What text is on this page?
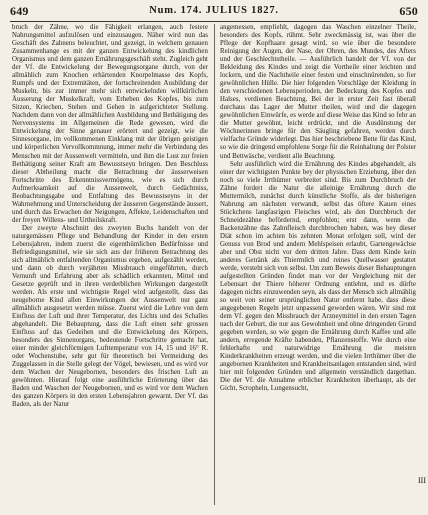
649	Num. 174. JULIUS 1827.	650

bruch der Zähne, wo die Fähigkeit erlangen, auch festere Nahrungsmittel aufzulösen und einzusaugen. Näher wird nun das Geschäft des Zahnens beleuchtet, und gezeigt, in welchem genauen Zusammenhange es mit der ganzen Entwickelung des kindlichen Organismus und dem ganzen Ernährungsgeschäft steht. Zugleich geht der Vf. die Entwickelung der Bewegungsorgane durch, von der allmählich zum Knochen erhärtenden Knorpelmasse des Kopfs, Rumpfs und der Extremitäten, der fortschreitenden Ausbildung der Muskeln, bis zur immer mehr sich entwickelnden willkürlichen Äusserung der Muskelkraft, vom Erheben des Kopfes, bis zum Sitzen, Kriechen, Stehen und Gehen in aufgerichteter Stellung. Nachdem dann von der allmählichen Ausbildung und Bethätigung des Nervensystems im Allgemeinen die Rede gewesen, wird die Entwickelung der Sinne genauer erörtert und gezeigt, wie die Sinnesorgane, im vollkommenen Einklang mit der übrigen geistigen und körperlichen Vervollkommnung, immer mehr die Verbindung des Menschen mit der Aussenwelt vermitteln, und ihm die Lust zur freien Bethätigung seiner Kraft am Bewusstseyn bringen. Den Beschluss dieser Abtheilung macht die Betrachtung der äusserweisen Fortschritte des Erkenntnissvermögens, wie es sich durch Aufmerksamkeit auf die Aussenwelt, durch Gedächtniss, Beobachtungsgabe und Entfaltung des Bewusstseyns in der Wahrnehmung und Unterscheidung der äusseren Gegenstände äussert, und durch das Erwachen der Neigungen, Affekte, Leidenschaften und der freyen Willens- und Urtheilskraft.

Der zweyte Abschnitt des zweyten Buchs handelt von der naturgemässen Pflege und Behandlung der Kinder in den ersten Lebensjahren, indem zuerst die eigenthümlichen Bedürfnisse und Befriedigungsmittel, wie sie sich aus der früheren Betrachtung des sich allmählich entfaltenden Organismus ergeben, aufgezählt werden, und dann ob durch verjährten Missbrauch eingeführten, durch Vernunft und Erfahrung aber als schädlich erkannten, Mittel und Gesetze geprüft und in ihren verderblichen Wirkungen dargestellt werden. Als erste und wichtigste Regel wird aufgestellt, dass das neugeborne Kind allen Einwirkungen der Aussenwelt nur ganz allmählich ausgesetzt werden müsse. Zuerst wird die Lehre von dem Einfluss der Luft und ihrer Temperatur, des Lichts und des Schalles abgehandelt. Die Bebauptung, dass die Luft einen sehr grossen Einfluss auf das Gedeihen und die Entwickelung des Körpers, besonders des Sinnenorgans, bedeutende Fortschritte gemacht hat, einer minder gleichförmigen Lufttemperatur von 14, 15 und 16° R. oder Wochenstube, sehr gut für theoretisch bei Vermeidung des Zuggelassen in die Stelle gelegt der Vögel, bewiesen, und es wird vor dem Wachen der Neugebornen, besonders des frischen Luft an gewöhnten. Hierauf folgt eine ausführliche Erörterung über das Baden und Waschen der Neugebornen, und es wird vor dem Wachen des ganzen Körpers in den ersten Lebensjahren gewarnt. Der Vf. das Baden, als der Natur

angemessen, empfiehlt, dagegen das Waschen einzelner Theile, besonders des Kopfs, rühmt. Sehr zweckmässig ist, was über die Pflege der Kopfhaare gesagt wird, so wie über die besondere Reinigung der Augen, der Nase, der Ohren, des Mundes, des Afters und der Geschlechtstheile. — Ausführlich handelt der Vf. von der Bekleidung des Kindes und zeigt die Vortheile einer leichten und lockern, und die Nachtheile einer festen und einschnürenden, so fier gewöhnlichen Hülle. Die hier folgenden Vorschläge der Kleidung in den verschiedenen Lebensperioden, der Bedeckung des Kopfes und Halses, verdienen Beachtung. Bei der in erster Zeit fast überall durchaus das Lager der Mutter theilen, wird und die dagegen gewöhnlichen Einwürfe, es werde auf diese Weise das Kind so fehr an die Mutter gewöhnt, leicht erdrückt, und die Ausdünstung der Wöchnerinnen bringe für den Säugling gefahren, werden durch vielfache Gründe widerlegt. Das hier beschriebene Bette für das Kind, so wie die dringend empfohlene Sorge für die Reinhaltung der Polster und Bettwäsche, verdient alle Beachtung.

Sehr ausführlich wird die Ernährung des Kindes abgehandelt, als einer der wichtigsten Punkte bey der physischen Erziehung, über den noch so viele Irrthümer verbreitet sind. Bis zum Durchbruch der Zähne fordert die Natur die alleinige Ernährung durch die Muttermilch, zunächst durch künstliche Stoffe, als der bisherigen Nahrung am nächsten verwandt, selbst das öftere Kauen eines Stückchens langfasrigen Fleisches wird, als den Durchbruch der Schneidezähne befördernd, empfohlen; erst dann, wenn die Backenzähne das Zahnfleisch durchbrochen haben, was bey dieser Diät schon im achten bis zehnten Monat erfolgen soll, wird der Genuss von Brod und andern Mehlspeisen erlaubt, Gartengewächse aber und Obst nicht vor dem dritten Jahre. Dass dem Kinde kein anderes Getränk als Thiermilch und reines Quellwasser gestattet werde, versteht sich von selbst. Um zum Beweis dieser Behauptungen aufgestellten Gründen findet man vor der Vergleichung mit der Lebensart der Thiere höherer Ordnung entlehnt, und es dürfte dagegen nichts einzuwenden seyn, als dass der Mensch sich allmählig so weit von seiner ursprünglichen Natur entfernt habe, dass diese angegebenen Regeln jetzt unpassend geworden wären. Wir sind mit dem Vf. gegen den Missbrauch der Arzneymittel in den ersten Tagen nach der Geburt, die nur aus Gewohnheit und ohne dringenden Grund gegeben werden, so wie gegen die Ernährung durch Kaffee und alle andern, erregende Kräfte habenden, Pflanzenstoffe. Wie durch eine fehlerhafte und naturwidrige Ernährung die meisten Kinderkrankheiten erzeugt werden, und die vielen Irrthümer über die angebornen Krankheiten und Krankheitsanlagen entstanden sind, wird hier mit folgenden Gründen und allgemein verständlich dargethan. Die der Vf. die Annahme erblicher Krankheiten überhaupt, als der Gicht, Scropheln, Lungensucht,

III
